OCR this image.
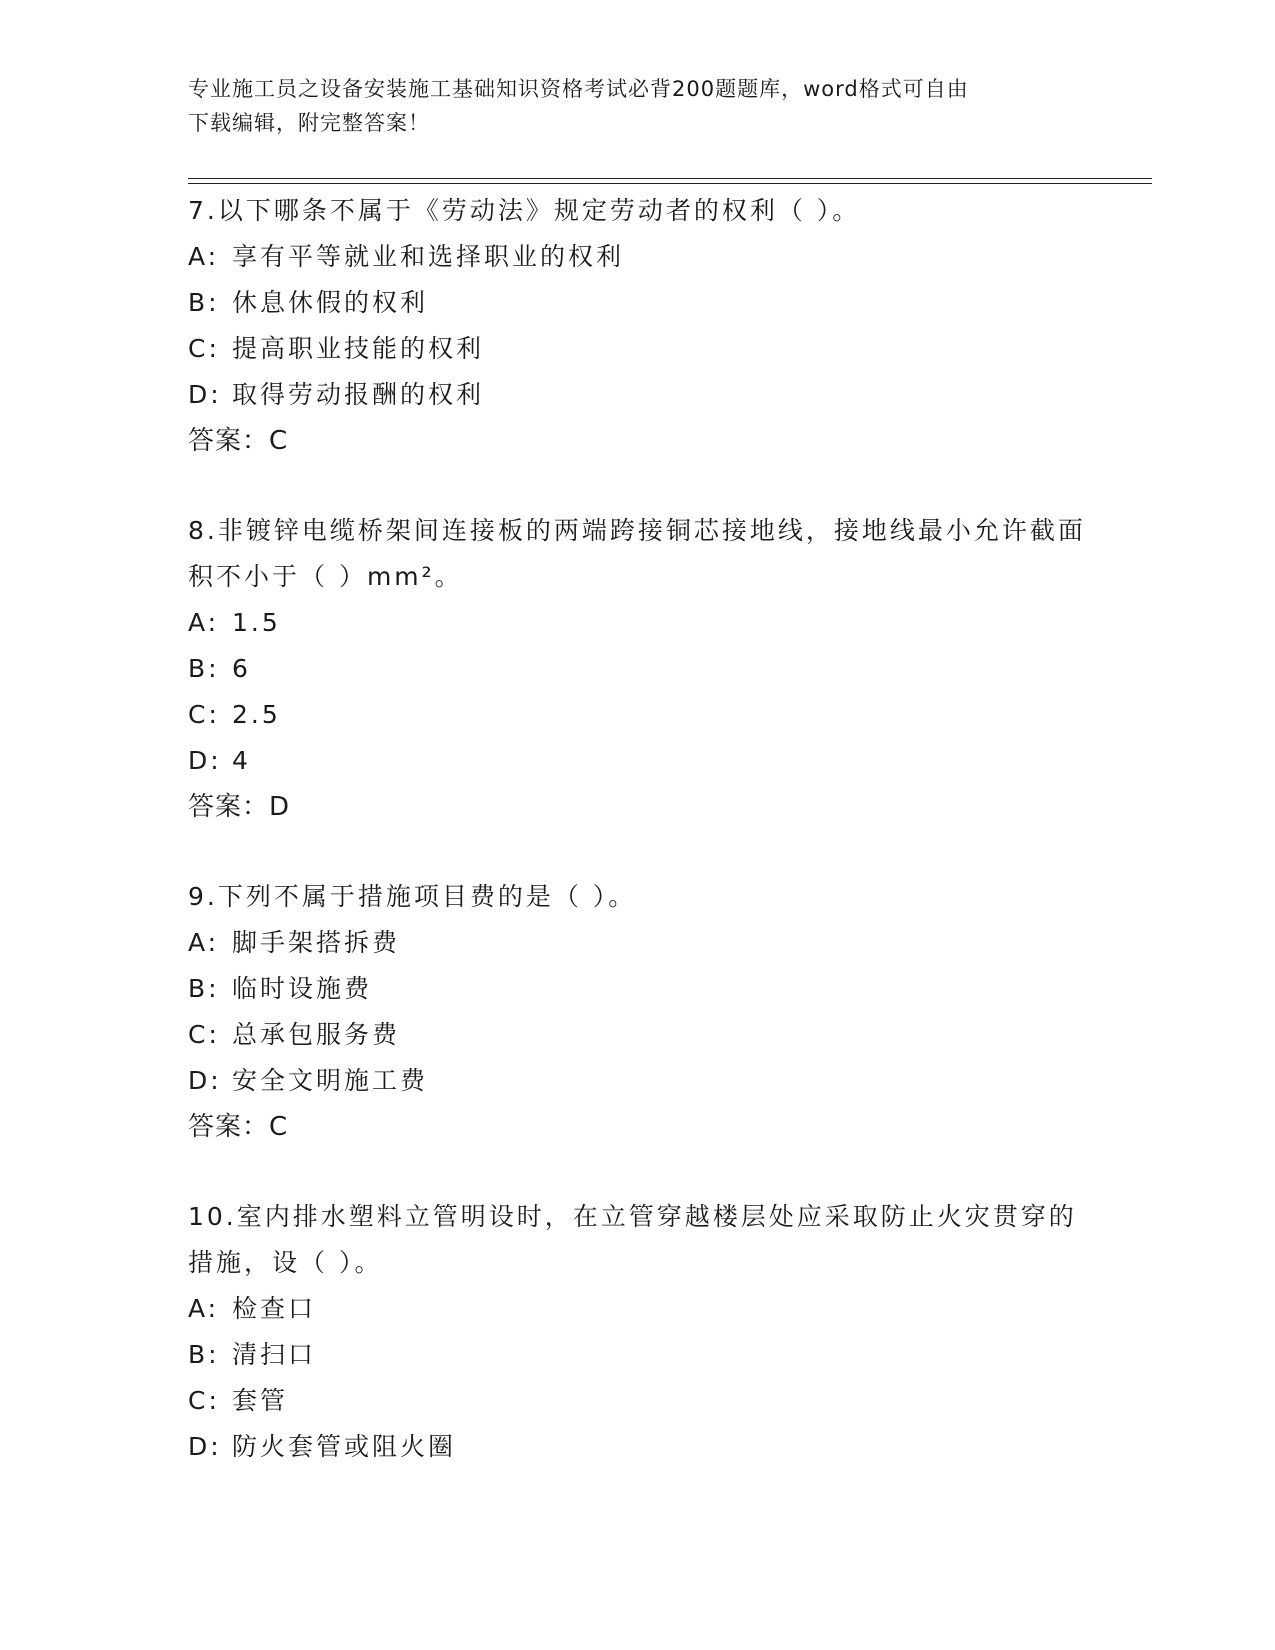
专业施工员之设备安装施工基础知识资格考试必背200题题库，word格式可自由
下载编辑，附完整答案！
7.以下哪条不属于《劳动法》规定劳动者的权利（ ）。
A: 享有平等就业和选择职业的权利
B: 休息休假的权利
C: 提高职业技能的权利
D: 取得劳动报酬的权利
答案：C
8.非镀锌电缆桥架间连接板的两端跨接铜芯接地线，接地线最小允许截面积不小于（ ）mm²。
A: 1.5
B: 6
C: 2.5
D: 4
答案：D
9.下列不属于措施项目费的是（ ）。
A: 脚手架搭拆费
B: 临时设施费
C: 总承包服务费
D: 安全文明施工费
答案：C
10.室内排水塑料立管明设时，在立管穿越楼层处应采取防止火灾贯穿的措施，设（ ）。
A: 检查口
B: 清扫口
C: 套管
D: 防火套管或阻火圈
